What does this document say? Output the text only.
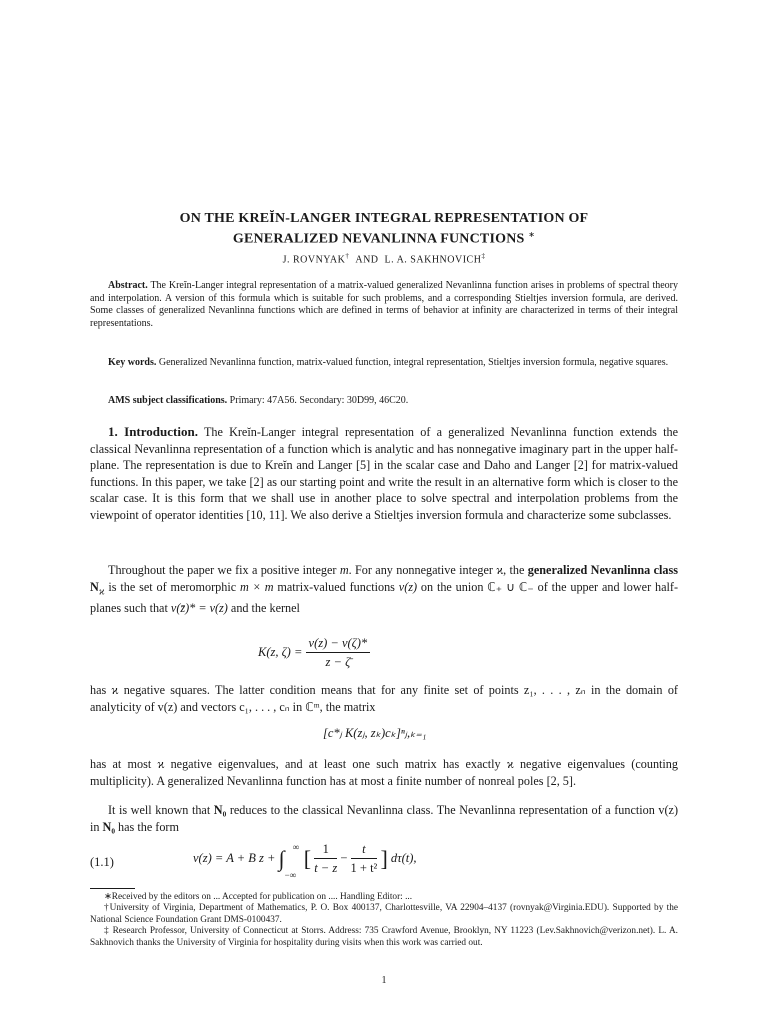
ON THE KREĬN-LANGER INTEGRAL REPRESENTATION OF
GENERALIZED NEVANLINNA FUNCTIONS ∗
J. ROVNYAK† AND L. A. SAKHNOVICH‡

Abstract. The Kreĭn-Langer integral representation of a matrix-valued generalized Nevanlinna function arises in problems of spectral theory and interpolation. A version of this formula which is suitable for such problems, and a corresponding Stieltjes inversion formula, are derived. Some classes of generalized Nevanlinna functions which are defined in terms of behavior at infinity are characterized in terms of their integral representations.

Key words. Generalized Nevanlinna function, matrix-valued function, integral representation, Stieltjes inversion formula, negative squares.

AMS subject classifications. Primary: 47A56. Secondary: 30D99, 46C20.

1. Introduction. The Kreĭn-Langer integral representation of a generalized Nevanlinna function extends the classical Nevanlinna representation of a function which is analytic and has nonnegative imaginary part in the upper half-plane. The representation is due to Kreĭn and Langer [5] in the scalar case and Daho and Langer [2] for matrix-valued functions. In this paper, we take [2] as our starting point and write the result in an alternative form which is closer to the scalar case. It is this form that we shall use in another place to solve spectral and interpolation problems from the viewpoint of operator identities [10, 11]. We also derive a Stieltjes inversion formula and characterize some subclasses.

Throughout the paper we fix a positive integer m. For any nonnegative integer ϰ, the generalized Nevanlinna class $N_ϰ$ is the set of meromorphic m × m matrix-valued functions v(z) on the union ℂ₊ ∪ ℂ₋ of the upper and lower half-planes such that v(z̄)* = v(z) and the kernel

K(z, $\zeta) = \frac{v(z) - v(\zeta)*}{z - \zetā}$

has ϰ negative squares. The latter condition means that for any finite set of points z₁, . . . , zₙ in the domain of analyticity of v(z) and vectors c₁, . . . , cₙ in ℂᵐ, the matrix

[c*ⱼ K(zⱼ, zₖ)cₖ]ⁿⱼ,ₖ₌₁

has at most ϰ negative eigenvalues, and at least one such matrix has exactly ϰ negative eigenvalues (counting multiplicity). A generalized Nevanlinna function has at most a finite number of nonreal poles [2, 5].

It is well known that N₀ reduces to the classical Nevanlinna class. The Nevanlinna representation of a function v(z) in N₀ has the form

(1.1)	v(z) = A + B z + ∫ ∞
−∞
[ $\frac{1}{t - z} - \frac{t}{\text{1 + t²}}$ ] dτ(t),

∗Received by the editors on ... Accepted for publication on .... Handling Editor: ...

†University of Virginia, Department of Mathematics, P. O. Box 400137, Charlottesville, VA 22904–4137 (rovnyak@Virginia.EDU). Supported by the National Science Foundation Grant DMS-0100437.

‡ Research Professor, University of Connecticut at Storrs. Address: 735 Crawford Avenue, Brooklyn, NY 11223 (Lev.Sakhnovich@verizon.net). L. A. Sakhnovich thanks the University of Virginia for hospitality during visits when this work was carried out.

1
